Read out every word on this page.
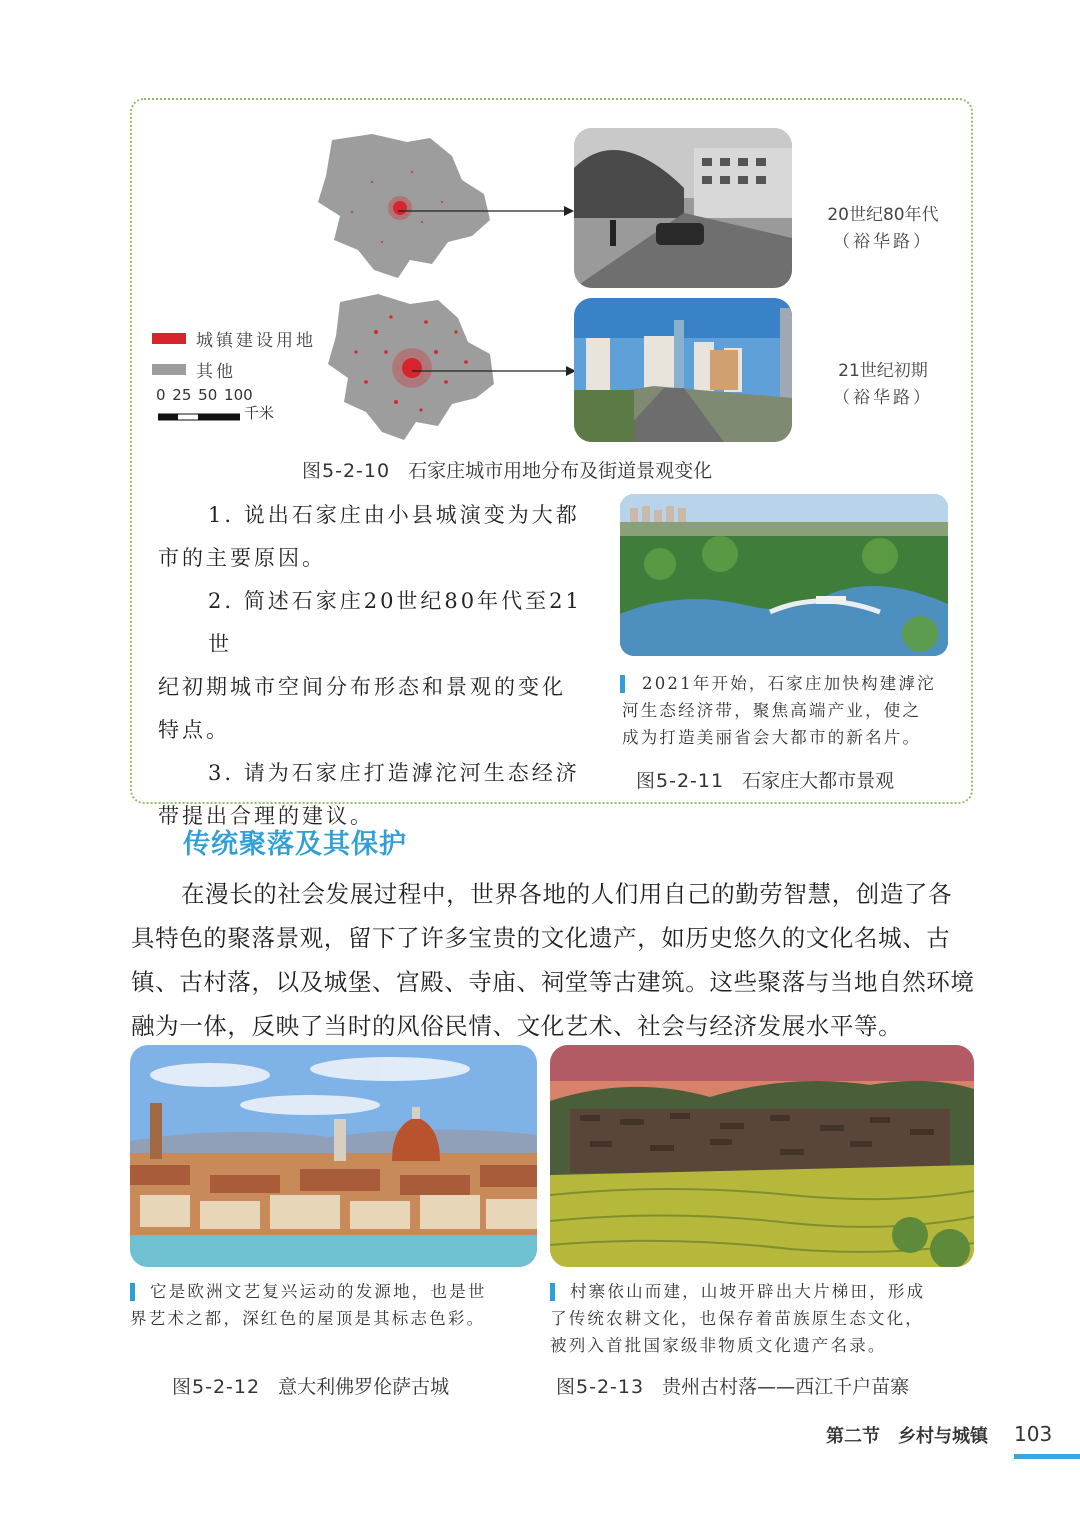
20世纪80年代
（裕华路）
城镇建设用地
其他
0 25 50 100
千米
21世纪初期
（裕华路）
图5-2-10 石家庄城市用地分布及街道景观变化
1. 说出石家庄由小县城演变为大都
市的主要原因。
2. 简述石家庄20世纪80年代至21世
纪初期城市空间分布形态和景观的变化
特点。
3. 请为石家庄打造滹沱河生态经济
带提出合理的建议。
2021年开始，石家庄加快构建滹沱
河生态经济带，聚焦高端产业，使之
成为打造美丽省会大都市的新名片。
图5-2-11 石家庄大都市景观
传统聚落及其保护
在漫长的社会发展过程中，世界各地的人们用自己的勤劳智慧，创造了各
具特色的聚落景观，留下了许多宝贵的文化遗产，如历史悠久的文化名城、古
镇、古村落，以及城堡、宫殿、寺庙、祠堂等古建筑。这些聚落与当地自然环境
融为一体，反映了当时的风俗民情、文化艺术、社会与经济发展水平等。
它是欧洲文艺复兴运动的发源地，也是世
界艺术之都，深红色的屋顶是其标志色彩。
村寨依山而建，山坡开辟出大片梯田，形成
了传统农耕文化，也保存着苗族原生态文化，
被列入首批国家级非物质文化遗产名录。
图5-2-12 意大利佛罗伦萨古城	图5-2-13 贵州古村落——西江千户苗寨
第二节　乡村与城镇 103
